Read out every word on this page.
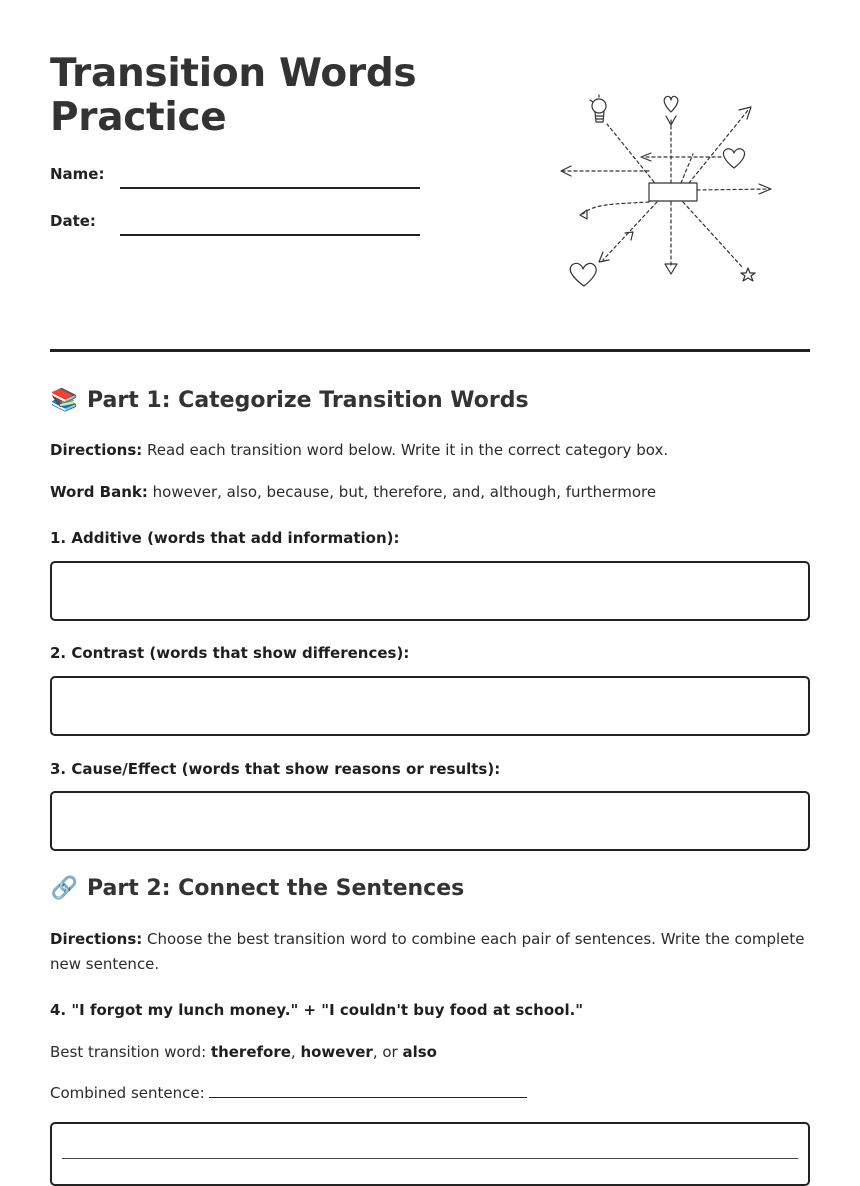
Transition Words
Practice
Name:
Date:
📚 Part 1: Categorize Transition Words

Directions: Read each transition word below. Write it in the correct category box.

Word Bank: however, also, because, but, therefore, and, although, furthermore

1. Additive (words that add information):

2. Contrast (words that show differences):

3. Cause/Effect (words that show reasons or results):

🔗 Part 2: Connect the Sentences

Directions: Choose the best transition word to combine each pair of sentences. Write the complete new sentence.

4. "I forgot my lunch money." + "I couldn't buy food at school."

Best transition word: therefore, however, or also

Combined sentence:
